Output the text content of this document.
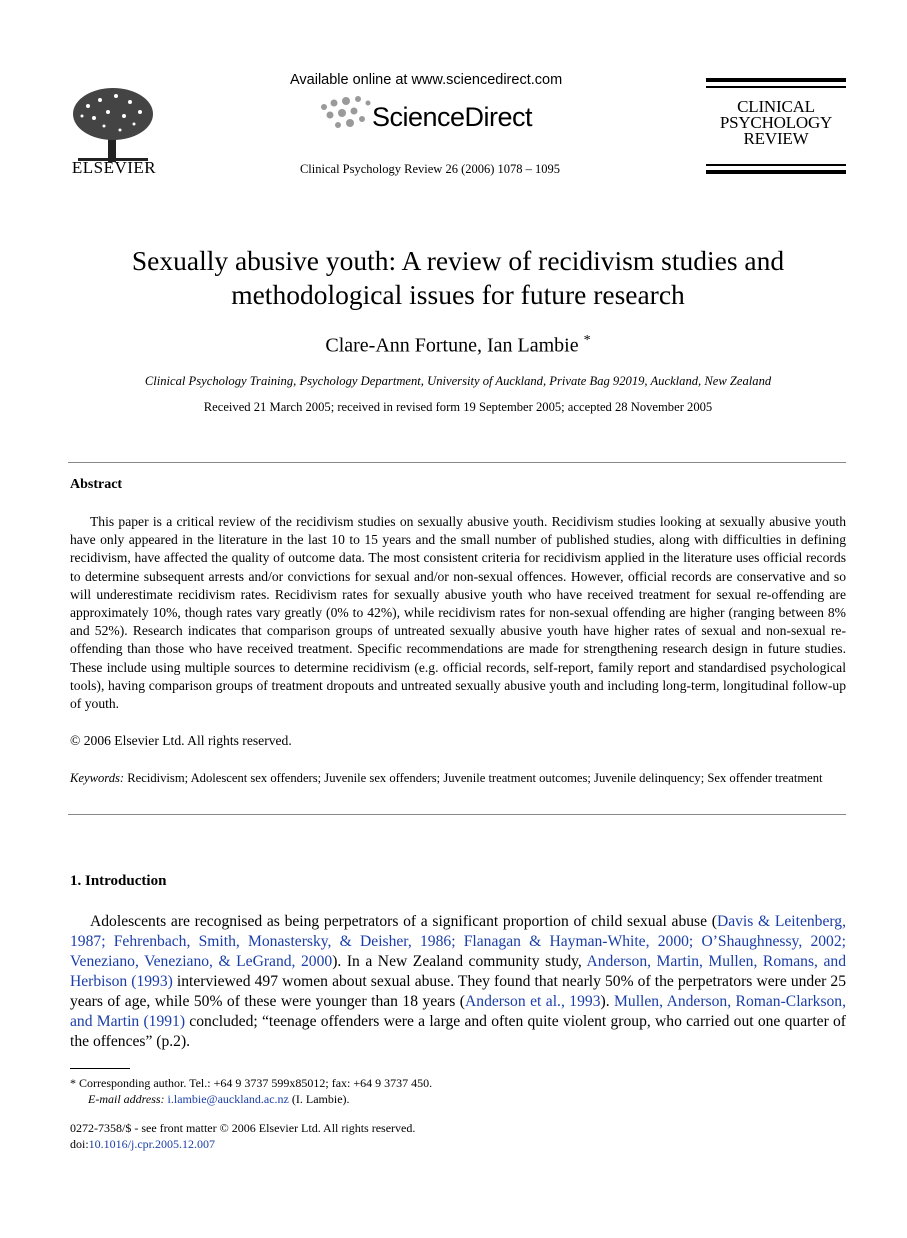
ELSEVIER
Available online at www.sciencedirect.com
ScienceDirect
Clinical Psychology Review 26 (2006) 1078 – 1095
CLINICAL
PSYCHOLOGY
REVIEW
Sexually abusive youth: A review of recidivism studies and
methodological issues for future research
Clare-Ann Fortune, Ian Lambie *
Clinical Psychology Training, Psychology Department, University of Auckland, Private Bag 92019, Auckland, New Zealand
Received 21 March 2005; received in revised form 19 September 2005; accepted 28 November 2005
Abstract
This paper is a critical review of the recidivism studies on sexually abusive youth. Recidivism studies looking at sexually abusive youth have only appeared in the literature in the last 10 to 15 years and the small number of published studies, along with difficulties in defining recidivism, have affected the quality of outcome data. The most consistent criteria for recidivism applied in the literature uses official records to determine subsequent arrests and/or convictions for sexual and/or non-sexual offences. However, official records are conservative and so will underestimate recidivism rates. Recidivism rates for sexually abusive youth who have received treatment for sexual re-offending are approximately 10%, though rates vary greatly (0% to 42%), while recidivism rates for non-sexual offending are higher (ranging between 8% and 52%). Research indicates that comparison groups of untreated sexually abusive youth have higher rates of sexual and non-sexual re-offending than those who have received treatment. Specific recommendations are made for strengthening research design in future studies. These include using multiple sources to determine recidivism (e.g. official records, self-report, family report and standardised psychological tools), having comparison groups of treatment dropouts and untreated sexually abusive youth and including long-term, longitudinal follow-up of youth.
© 2006 Elsevier Ltd. All rights reserved.
Keywords: Recidivism; Adolescent sex offenders; Juvenile sex offenders; Juvenile treatment outcomes; Juvenile delinquency; Sex offender treatment
1. Introduction
Adolescents are recognised as being perpetrators of a significant proportion of child sexual abuse (Davis & Leitenberg, 1987; Fehrenbach, Smith, Monastersky, & Deisher, 1986; Flanagan & Hayman-White, 2000; O’Shaughnessy, 2002; Veneziano, Veneziano, & LeGrand, 2000). In a New Zealand community study, Anderson, Martin, Mullen, Romans, and Herbison (1993) interviewed 497 women about sexual abuse. They found that nearly 50% of the perpetrators were under 25 years of age, while 50% of these were younger than 18 years (Anderson et al., 1993). Mullen, Anderson, Roman-Clarkson, and Martin (1991) concluded; “teenage offenders were a large and often quite violent group, who carried out one quarter of the offences” (p.2).
* Corresponding author. Tel.: +64 9 3737 599x85012; fax: +64 9 3737 450.
E-mail address: i.lambie@auckland.ac.nz (I. Lambie).
0272-7358/$ - see front matter © 2006 Elsevier Ltd. All rights reserved.
doi:10.1016/j.cpr.2005.12.007
